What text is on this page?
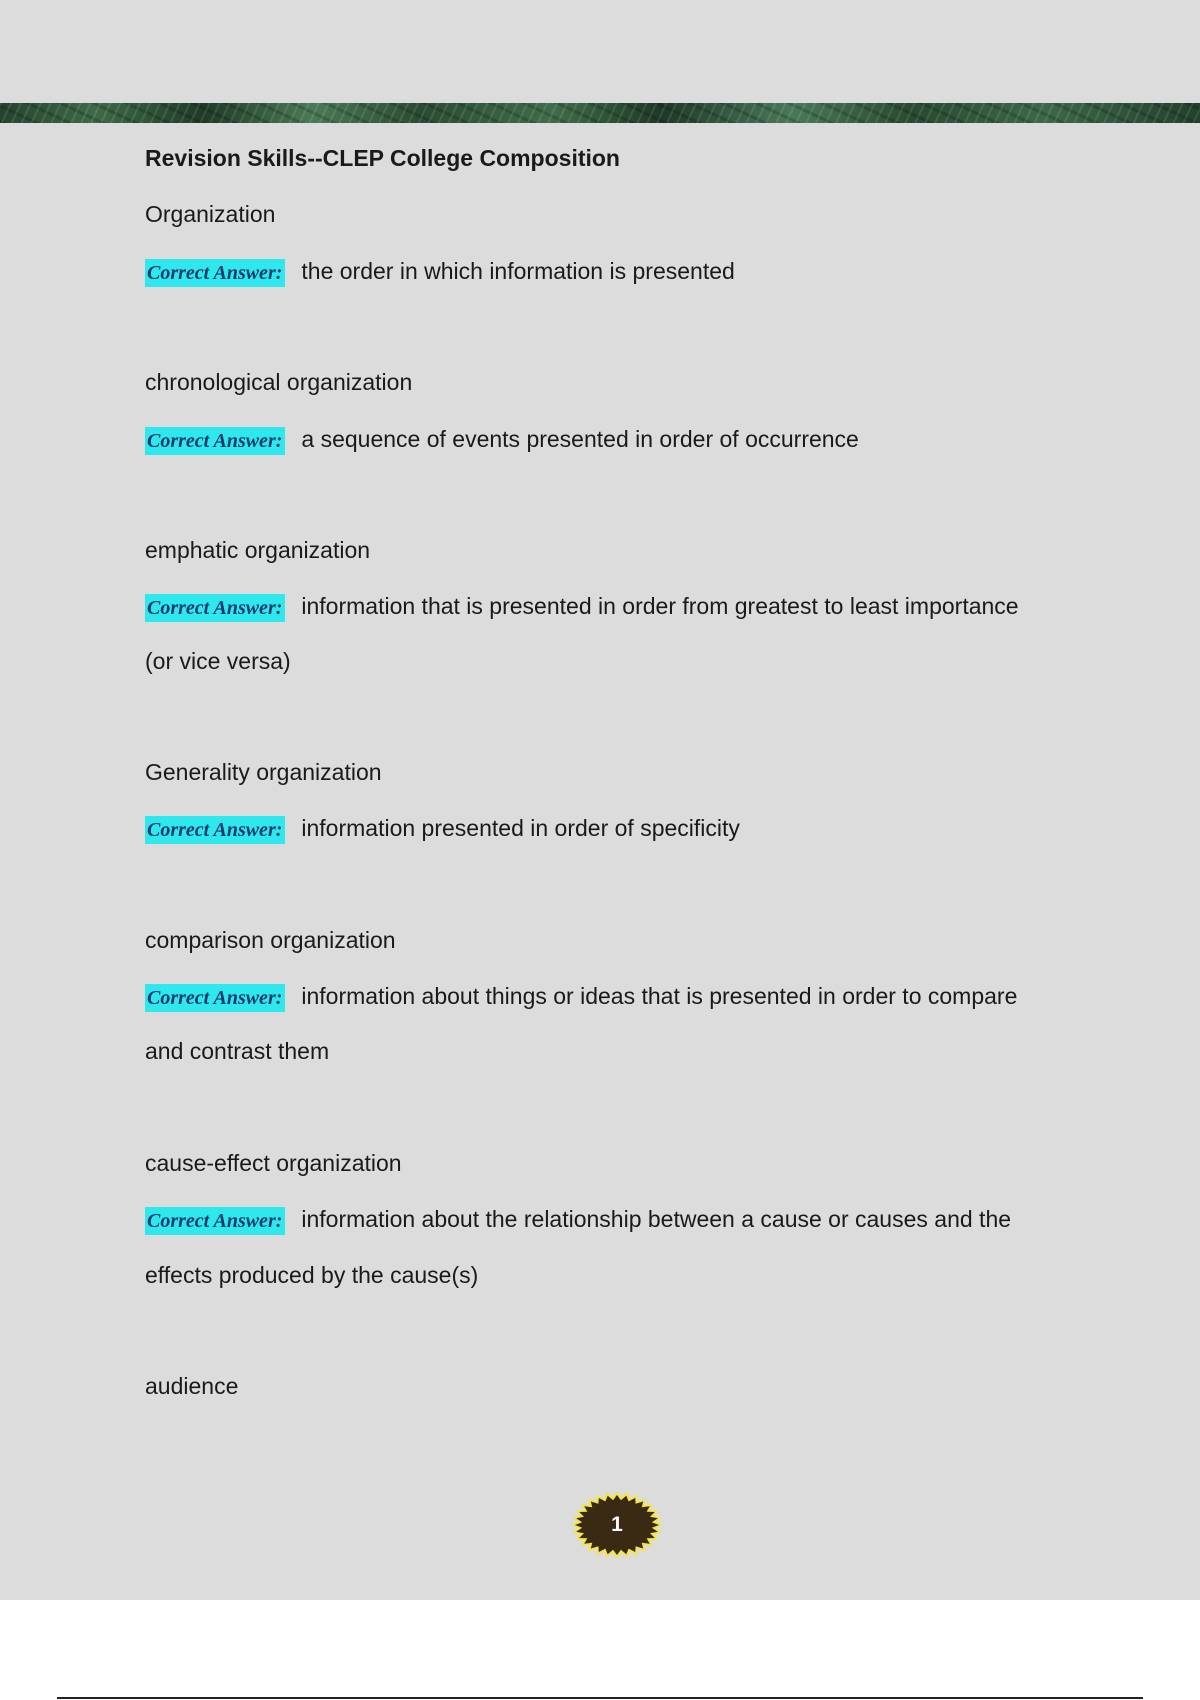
Revision Skills--CLEP College Composition
Organization
Correct Answer: the order in which information is presented
chronological organization
Correct Answer: a sequence of events presented in order of occurrence
emphatic organization
Correct Answer: information that is presented in order from greatest to least importance
(or vice versa)
Generality organization
Correct Answer: information presented in order of specificity
comparison organization
Correct Answer: information about things or ideas that is presented in order to compare
and contrast them
cause-effect organization
Correct Answer: information about the relationship between a cause or causes and the
effects produced by the cause(s)
audience
1
